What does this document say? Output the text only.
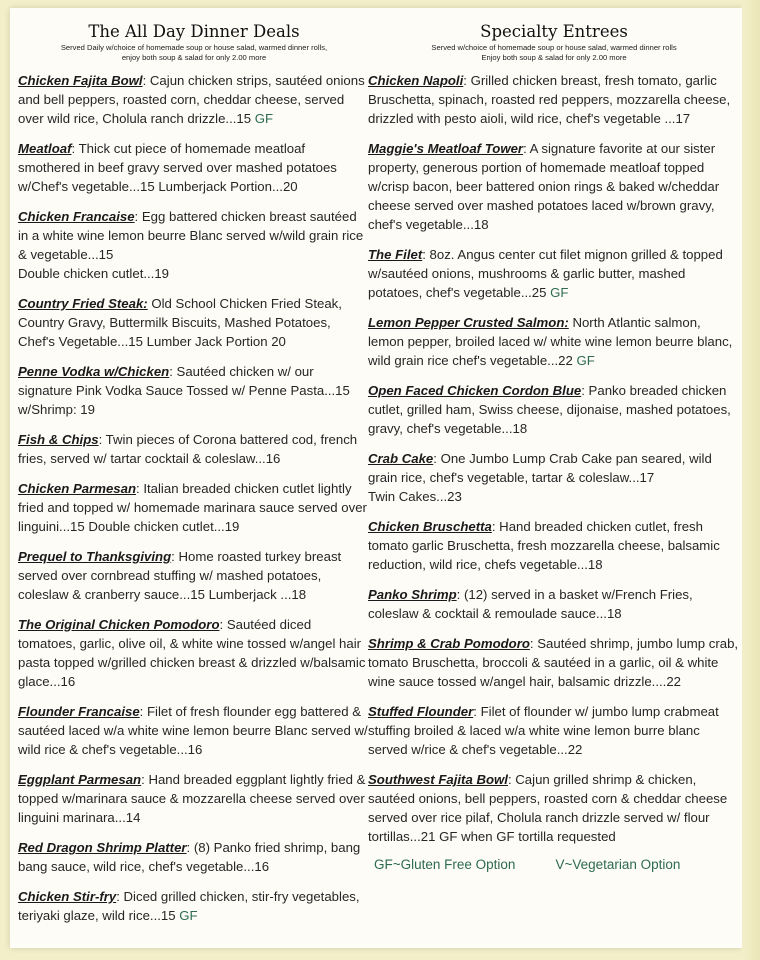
The All Day Dinner Deals
Served Daily w/choice of homemade soup or house salad, warmed dinner rolls,
enjoy both soup & salad for only 2.00 more
Chicken Fajita Bowl: Cajun chicken strips, sautéed onions and bell peppers, roasted corn, cheddar cheese, served over wild rice, Cholula ranch drizzle...15 GF
Meatloaf: Thick cut piece of homemade meatloaf smothered in beef gravy served over mashed potatoes w/Chef's vegetable...15 Lumberjack Portion...20
Chicken Francaise: Egg battered chicken breast sautéed in a white wine lemon beurre Blanc served w/wild grain rice & vegetable...15
Double chicken cutlet...19
Country Fried Steak: Old School Chicken Fried Steak, Country Gravy, Buttermilk Biscuits, Mashed Potatoes, Chef's Vegetable...15 Lumber Jack Portion 20
Penne Vodka w/Chicken: Sautéed chicken w/ our signature Pink Vodka Sauce Tossed w/ Penne Pasta...15 w/Shrimp: 19
Fish & Chips: Twin pieces of Corona battered cod, french fries, served w/ tartar cocktail & coleslaw...16
Chicken Parmesan: Italian breaded chicken cutlet lightly fried and topped w/ homemade marinara sauce served over linguini...15 Double chicken cutlet...19
Prequel to Thanksgiving: Home roasted turkey breast served over cornbread stuffing w/ mashed potatoes, coleslaw & cranberry sauce...15 Lumberjack ...18
The Original Chicken Pomodoro: Sautéed diced tomatoes, garlic, olive oil, & white wine tossed w/angel hair pasta topped w/grilled chicken breast & drizzled w/balsamic glace...16
Flounder Francaise: Filet of fresh flounder egg battered & sautéed laced w/a white wine lemon beurre Blanc served w/ wild rice & chef's vegetable...16
Eggplant Parmesan: Hand breaded eggplant lightly fried & topped w/marinara sauce & mozzarella cheese served over linguini marinara...14
Red Dragon Shrimp Platter: (8) Panko fried shrimp, bang bang sauce, wild rice, chef's vegetable...16
Chicken Stir-fry: Diced grilled chicken, stir-fry vegetables, teriyaki glaze, wild rice...15 GF
Specialty Entrees
Served w/choice of homemade soup or house salad, warmed dinner rolls
Enjoy both soup & salad for only 2.00 more
Chicken Napoli: Grilled chicken breast, fresh tomato, garlic Bruschetta, spinach, roasted red peppers, mozzarella cheese, drizzled with pesto aioli, wild rice, chef's vegetable ...17
Maggie's Meatloaf Tower: A signature favorite at our sister property, generous portion of homemade meatloaf topped w/crisp bacon, beer battered onion rings & baked w/cheddar cheese served over mashed potatoes laced w/brown gravy, chef's vegetable...18
The Filet: 8oz. Angus center cut filet mignon grilled & topped w/sautéed onions, mushrooms & garlic butter, mashed potatoes, chef's vegetable...25 GF
Lemon Pepper Crusted Salmon: North Atlantic salmon, lemon pepper, broiled laced w/ white wine lemon beurre blanc, wild grain rice chef's vegetable...22 GF
Open Faced Chicken Cordon Blue: Panko breaded chicken cutlet, grilled ham, Swiss cheese, dijonaise, mashed potatoes, gravy, chef's vegetable...18
Crab Cake: One Jumbo Lump Crab Cake pan seared, wild grain rice, chef's vegetable, tartar & coleslaw...17
Twin Cakes...23
Chicken Bruschetta: Hand breaded chicken cutlet, fresh tomato garlic Bruschetta, fresh mozzarella cheese, balsamic reduction, wild rice, chefs vegetable...18
Panko Shrimp: (12) served in a basket w/French Fries, coleslaw & cocktail & remoulade sauce...18
Shrimp & Crab Pomodoro: Sautéed shrimp, jumbo lump crab, tomato Bruschetta, broccoli & sautéed in a garlic, oil & white wine sauce tossed w/angel hair, balsamic drizzle....22
Stuffed Flounder: Filet of flounder w/ jumbo lump crabmeat stuffing broiled & laced w/a white wine lemon burre blanc served w/rice & chef's vegetable...22
Southwest Fajita Bowl: Cajun grilled shrimp & chicken, sautéed onions, bell peppers, roasted corn & cheddar cheese served over rice pilaf, Cholula ranch drizzle served w/ flour tortillas...21 GF when GF tortilla requested
GF~Gluten Free Option	V~Vegetarian Option
